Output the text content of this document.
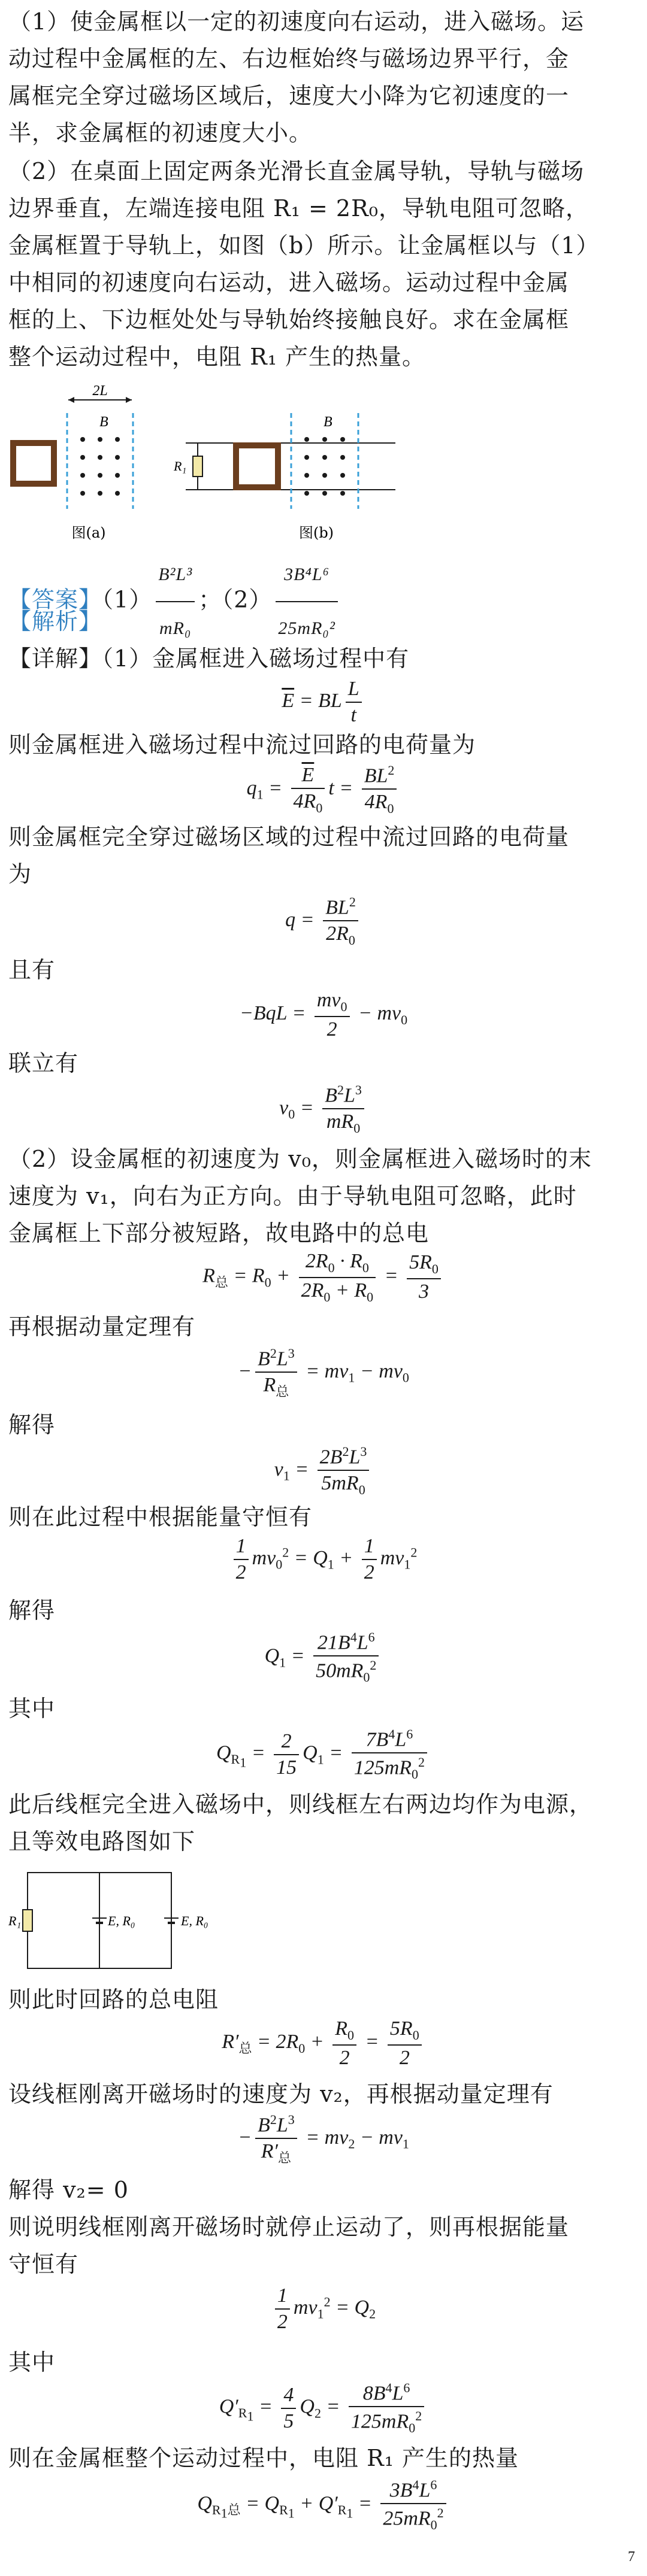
（1）使金属框以一定的初速度向右运动，进入磁场。运
动过程中金属框的左、右边框始终与磁场边界平行，金
属框完全穿过磁场区域后，速度大小降为它初速度的一
半，求金属框的初速度大小。
（2）在桌面上固定两条光滑长直金属导轨，导轨与磁场
边界垂直，左端连接电阻 R₁ = 2R₀，导轨电阻可忽略，
金属框置于导轨上，如图（b）所示。让金属框以与（1）
中相同的初速度向右运动，进入磁场。运动过程中金属
框的上、下边框处处与导轨始终接触良好。求在金属框
整个运动过程中，电阻 R₁ 产生的热量。
2L
B
图(a)
R₁
B
图(b)
【答案】$(1) \frac{\text{B²L³}}{\text{mR₀}}$ ；$(2) \frac{\text{3B⁴L⁶}}{\text{25mR₀²}}$
【解析】
【详解】（1）金属框进入磁场过程中有
$\overline{E}$ = BL $\frac{L}{t}$
则金属框进入磁场过程中流过回路的电荷量为
$q_1 = \frac{\overline{E}}{4R_0}$ $t = \frac{BL^2}{4R_0}$
则金属框完全穿过磁场区域的过程中流过回路的电荷量
为
$q = \frac{BL^2}{2R_0}$
且有
$-BqL = \frac{mv_0}{2} - mv_0$
联立有
$v_0 = \frac{B^2L^3}{mR_0}$
（2）设金属框的初速度为 v₀，则金属框进入磁场时的末
速度为 v₁，向右为正方向。由于导轨电阻可忽略，此时
金属框上下部分被短路，故电路中的总电
$R_总 = R_0 + \frac{2R_0 \cdot R_0}{2R_0 + R_0} = \frac{5R_0}{3}$
再根据动量定理有
− $\frac{B^2L^3}{R_总} = mv_1 - mv_0$
解得
$v_1 = \frac{2B^2L^3}{5mR_0}$
则在此过程中根据能量守恒有
$\frac{1}{2} mv_0^2 = Q_1 + \frac{1}{2} mv_1^2$
解得
$Q_1 = \frac{21B^4L^6}{50mR_0^2}$
其中
$Q_{R_1} = \frac{2}{15} Q_1 = \frac{7B^4L^6}{125mR_0^2}$
此后线框完全进入磁场中，则线框左右两边均作为电源，
且等效电路图如下
R₁	E, R₀	E, R₀
则此时回路的总电阻
$R'_总 = 2R_0 + \frac{R_0}{2} = \frac{5R_0}{2}$
设线框刚离开磁场时的速度为 v₂，再根据动量定理有
− $\frac{B^2L^3}{R'_总} = mv_2 - mv_1$
解得 v₂= 0
则说明线框刚离开磁场时就停止运动了，则再根据能量
守恒有
$\frac{1}{2} mv_1^2 = Q_2$
其中
$Q'_{R_1} = \frac{4}{5} Q_2 = \frac{8B^4L^6}{125mR_0^2}$
则在金属框整个运动过程中，电阻 R₁ 产生的热量
$Q_{R_1总} = Q_{R_1} + Q'_{R_1} = \frac{3B^4L^6}{25mR_0^2}$
7
